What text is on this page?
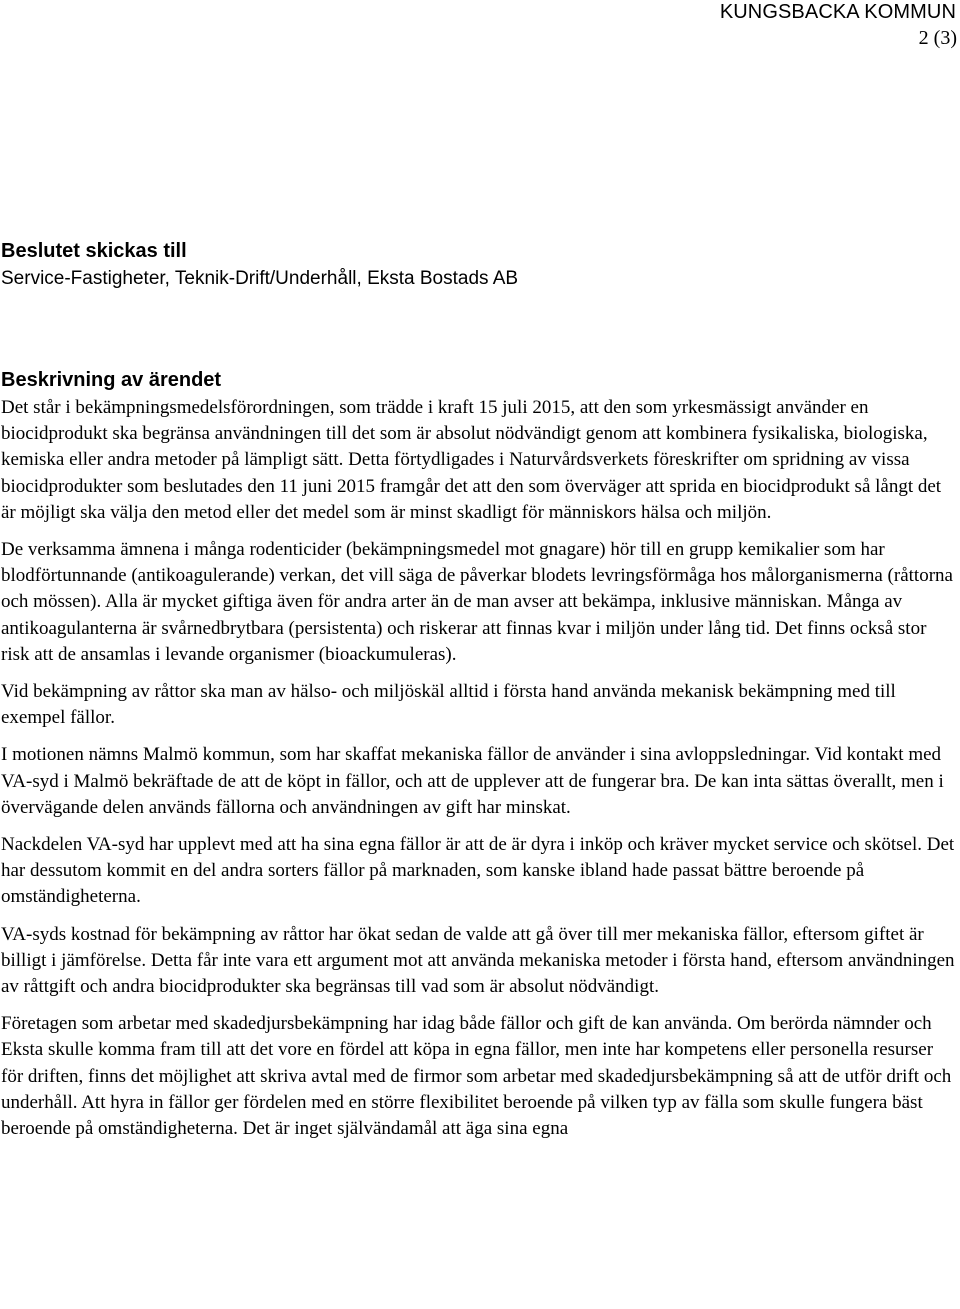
KUNGSBACKA KOMMUN
2 (3)
Beslutet skickas till
Service-Fastigheter, Teknik-Drift/Underhåll, Eksta Bostads AB
Beskrivning av ärendet

Det står i bekämpningsmedelsförordningen, som trädde i kraft 15 juli 2015, att den som yrkesmässigt använder en biocidprodukt ska begränsa användningen till det som är absolut nödvändigt genom att kombinera fysikaliska, biologiska, kemiska eller andra metoder på lämpligt sätt. Detta förtydligades i Naturvårdsverkets föreskrifter om spridning av vissa biocidprodukter som beslutades den 11 juni 2015 framgår det att den som överväger att sprida en biocidprodukt så långt det är möjligt ska välja den metod eller det medel som är minst skadligt för människors hälsa och miljön.

De verksamma ämnena i många rodenticider (bekämpningsmedel mot gnagare) hör till en grupp kemikalier som har blodförtunnande (antikoagulerande) verkan, det vill säga de påverkar blodets levringsförmåga hos målorganismerna (råttorna och mössen). Alla är mycket giftiga även för andra arter än de man avser att bekämpa, inklusive människan. Många av antikoagulanterna är svårnedbrytbara (persistenta) och riskerar att finnas kvar i miljön under lång tid. Det finns också stor risk att de ansamlas i levande organismer (bioackumuleras).

Vid bekämpning av råttor ska man av hälso- och miljöskäl alltid i första hand använda mekanisk bekämpning med till exempel fällor.

I motionen nämns Malmö kommun, som har skaffat mekaniska fällor de använder i sina avloppsledningar. Vid kontakt med VA-syd i Malmö bekräftade de att de köpt in fällor, och att de upplever att de fungerar bra. De kan inta sättas överallt, men i övervägande delen används fällorna och användningen av gift har minskat.

Nackdelen VA-syd har upplevt med att ha sina egna fällor är att de är dyra i inköp och kräver mycket service och skötsel. Det har dessutom kommit en del andra sorters fällor på marknaden, som kanske ibland hade passat bättre beroende på omständigheterna.

VA-syds kostnad för bekämpning av råttor har ökat sedan de valde att gå över till mer mekaniska fällor, eftersom giftet är billigt i jämförelse. Detta får inte vara ett argument mot att använda mekaniska metoder i första hand, eftersom användningen av råttgift och andra biocidprodukter ska begränsas till vad som är absolut nödvändigt.

Företagen som arbetar med skadedjursbekämpning har idag både fällor och gift de kan använda. Om berörda nämnder och Eksta skulle komma fram till att det vore en fördel att köpa in egna fällor, men inte har kompetens eller personella resurser för driften, finns det möjlighet att skriva avtal med de firmor som arbetar med skadedjursbekämpning så att de utför drift och underhåll. Att hyra in fällor ger fördelen med en större flexibilitet beroende på vilken typ av fälla som skulle fungera bäst beroende på omständigheterna. Det är inget självändamål att äga sina egna
